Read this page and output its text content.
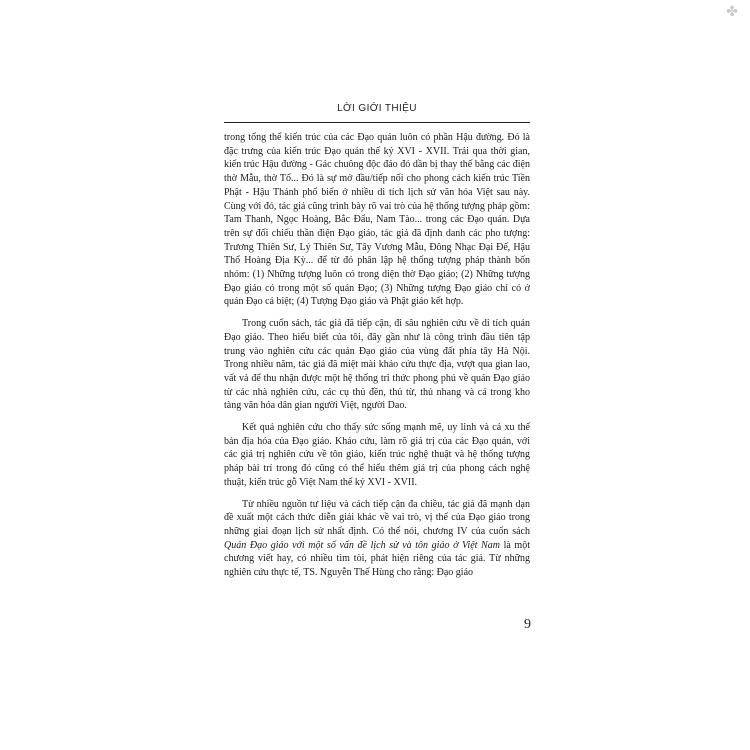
✤
LỜI GIỚI THIỆU

trong tổng thể kiến trúc của các Đạo quán luôn có phần Hậu đường. Đó là đặc trưng của kiến trúc Đạo quán thế kỷ XVI - XVII. Trải qua thời gian, kiến trúc Hậu đường - Gác chuông độc đáo đó dần bị thay thế bằng các điện thờ Mẫu, thờ Tổ... Đó là sự mở đầu/tiếp nối cho phong cách kiến trúc Tiền Phật - Hậu Thánh phổ biến ở nhiều di tích lịch sử văn hóa Việt sau này. Cùng với đó, tác giả cũng trình bày rõ vai trò của hệ thống tượng pháp gồm: Tam Thanh, Ngọc Hoàng, Bắc Đẩu, Nam Tào... trong các Đạo quán. Dựa trên sự đối chiếu thần điện Đạo giáo, tác giả đã định danh các pho tượng: Trương Thiên Sư, Lý Thiên Sư, Tây Vương Mẫu, Đông Nhạc Đại Đế, Hậu Thổ Hoàng Địa Kỳ... để từ đó phân lập hệ thống tượng pháp thành bốn nhóm: (1) Những tượng luôn có trong diện thờ Đạo giáo; (2) Những tượng Đạo giáo có trong một số quán Đạo; (3) Những tượng Đạo giáo chỉ có ở quán Đạo cá biệt; (4) Tượng Đạo giáo và Phật giáo kết hợp.

Trong cuốn sách, tác giả đã tiếp cận, đi sâu nghiên cứu về di tích quán Đạo giáo. Theo hiểu biết của tôi, đây gần như là công trình đầu tiên tập trung vào nghiên cứu các quán Đạo giáo của vùng đất phía tây Hà Nội. Trong nhiều năm, tác giả đã miệt mài khảo cứu thực địa, vượt qua gian lao, vất vả để thu nhận được một hệ thống tri thức phong phú về quán Đạo giáo từ các nhà nghiên cứu, các cụ thủ đền, thủ từ, thủ nhang và cả trong kho tàng văn hóa dân gian người Việt, người Dao.

Kết quả nghiên cứu cho thấy sức sống mạnh mẽ, uy linh và cả xu thế bản địa hóa của Đạo giáo. Khảo cứu, làm rõ giá trị của các Đạo quán, với các giá trị nghiên cứu về tôn giáo, kiến trúc nghệ thuật và hệ thống tượng pháp bài trí trong đó cũng có thể hiểu thêm giá trị của phong cách nghệ thuật, kiến trúc gỗ Việt Nam thế kỷ XVI - XVII.

Từ nhiều nguồn tư liệu và cách tiếp cận đa chiều, tác giả đã mạnh dạn đề xuất một cách thức diễn giải khác về vai trò, vị thế của Đạo giáo trong những giai đoạn lịch sử nhất định. Có thể nói, chương IV của cuốn sách Quán Đạo giáo với một số vấn đề lịch sử và tôn giáo ở Việt Nam là một chương viết hay, có nhiều tìm tòi, phát hiện riêng của tác giả. Từ những nghiên cứu thực tế, TS. Nguyễn Thế Hùng cho rằng: Đạo giáo

9
